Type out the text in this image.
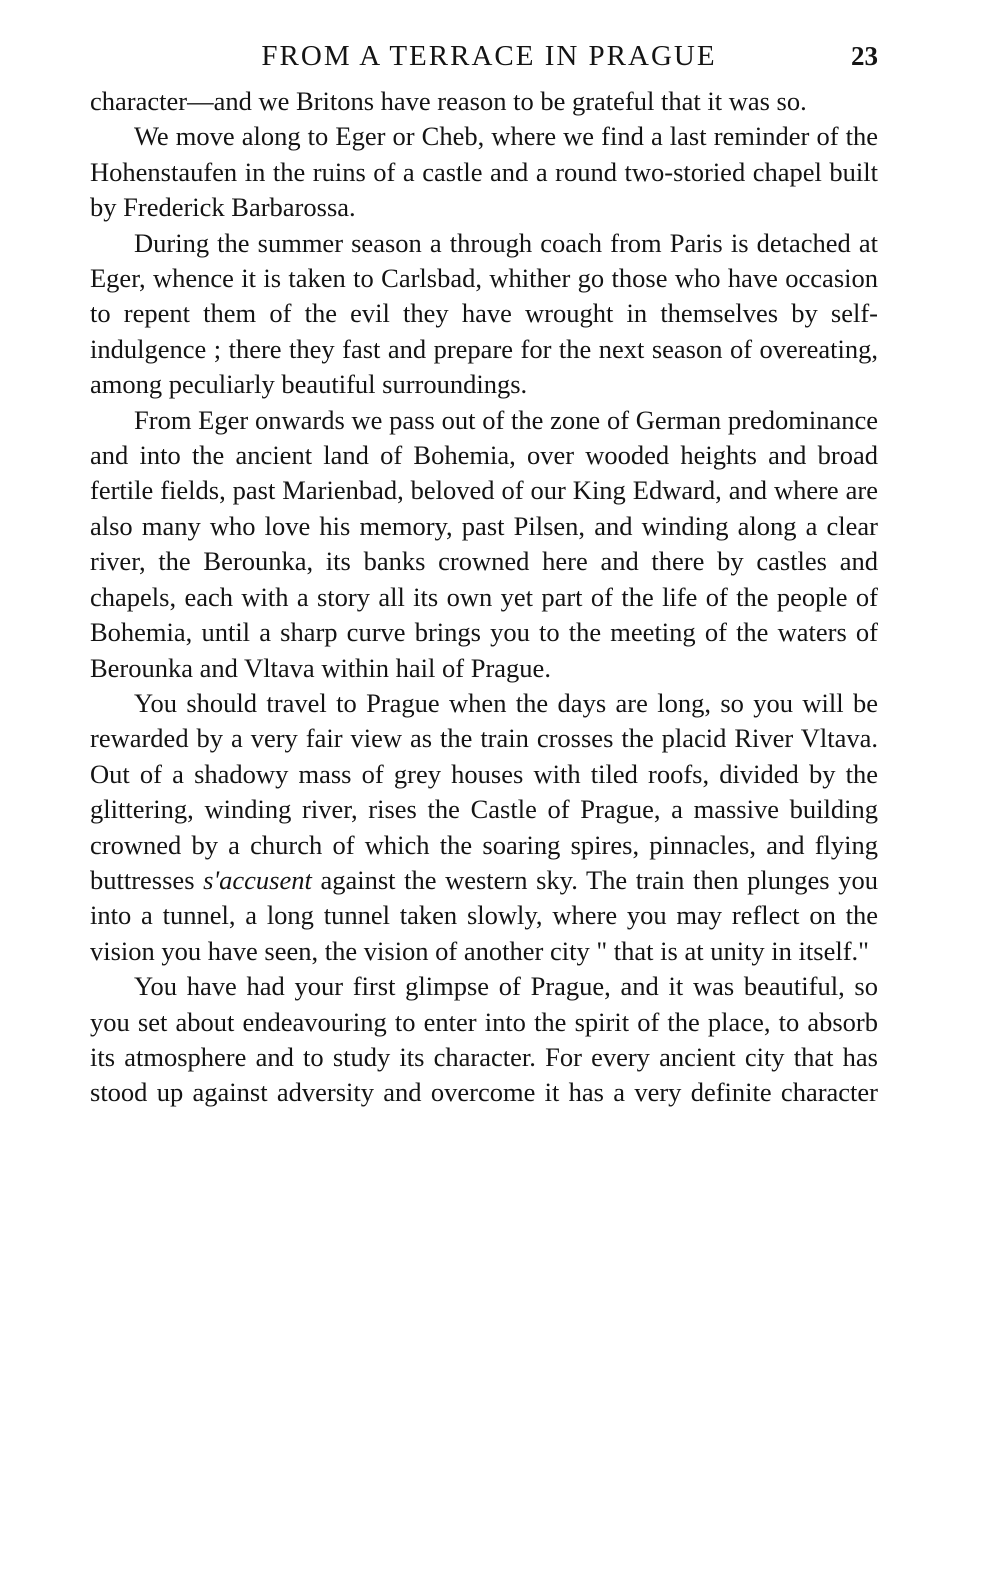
FROM A TERRACE IN PRAGUE	23

character—and we Britons have reason to be grateful that it was so.

We move along to Eger or Cheb, where we find a last reminder of the Hohenstaufen in the ruins of a castle and a round two-storied chapel built by Frederick Barbarossa.

During the summer season a through coach from Paris is detached at Eger, whence it is taken to Carlsbad, whither go those who have occasion to repent them of the evil they have wrought in themselves by self-indulgence ; there they fast and prepare for the next season of overeating, among peculiarly beautiful surroundings.

From Eger onwards we pass out of the zone of German predominance and into the ancient land of Bohemia, over wooded heights and broad fertile fields, past Marienbad, beloved of our King Edward, and where are also many who love his memory, past Pilsen, and winding along a clear river, the Berounka, its banks crowned here and there by castles and chapels, each with a story all its own yet part of the life of the people of Bohemia, until a sharp curve brings you to the meeting of the waters of Berounka and Vltava within hail of Prague.

You should travel to Prague when the days are long, so you will be rewarded by a very fair view as the train crosses the placid River Vltava. Out of a shadowy mass of grey houses with tiled roofs, divided by the glittering, winding river, rises the Castle of Prague, a massive building crowned by a church of which the soaring spires, pinnacles, and flying buttresses s'accusent against the western sky. The train then plunges you into a tunnel, a long tunnel taken slowly, where you may reflect on the vision you have seen, the vision of another city " that is at unity in itself."

You have had your first glimpse of Prague, and it was beautiful, so you set about endeavouring to enter into the spirit of the place, to absorb its atmosphere and to study its character. For every ancient city that has stood up against adversity and overcome it has a very definite character
